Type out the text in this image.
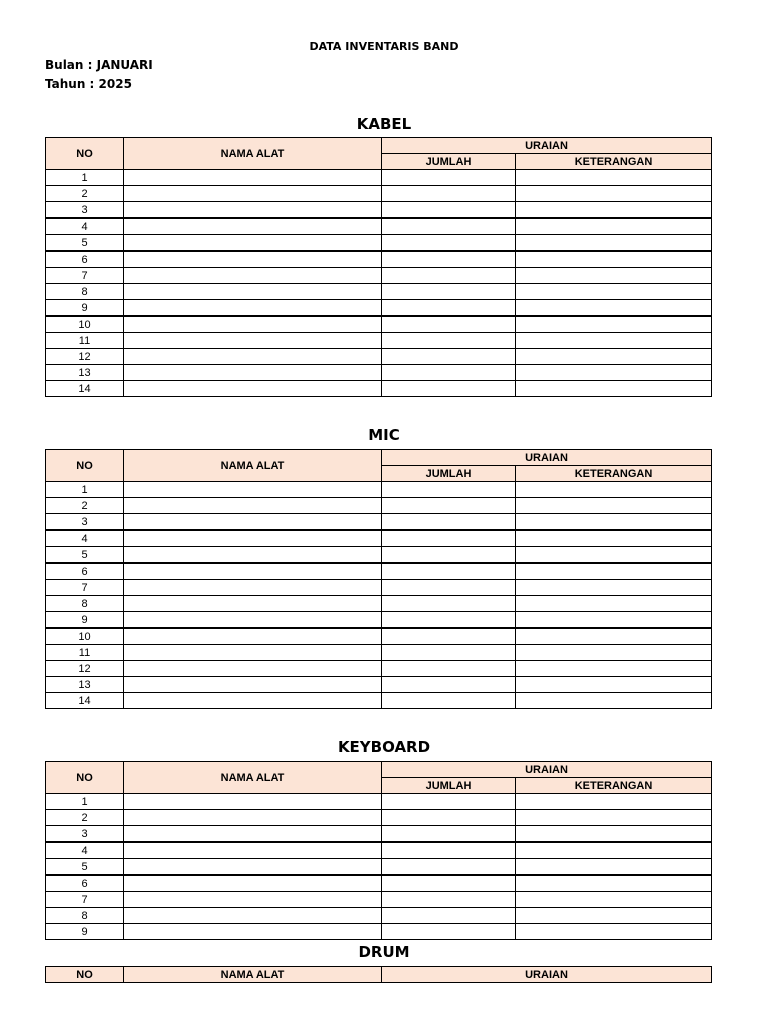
DATA INVENTARIS BAND
Bulan : JANUARI
Tahun : 2025
KABEL
NO	NAMA ALAT	URAIAN	
		JUMLAH	KETERANGAN
1			
2			
3			
4			
5			
6			
7			
8			
9			
10			
11			
12			
13			
14			
MIC
NO	NAMA ALAT	URAIAN	
		JUMLAH	KETERANGAN
1			
2			
3			
4			
5			
6			
7			
8			
9			
10			
11			
12			
13			
14			
KEYBOARD
NO	NAMA ALAT	URAIAN	
		JUMLAH	KETERANGAN
1			
2			
3			
4			
5			
6			
7			
8			
9			
DRUM
NO	NAMA ALAT	URAIAN
